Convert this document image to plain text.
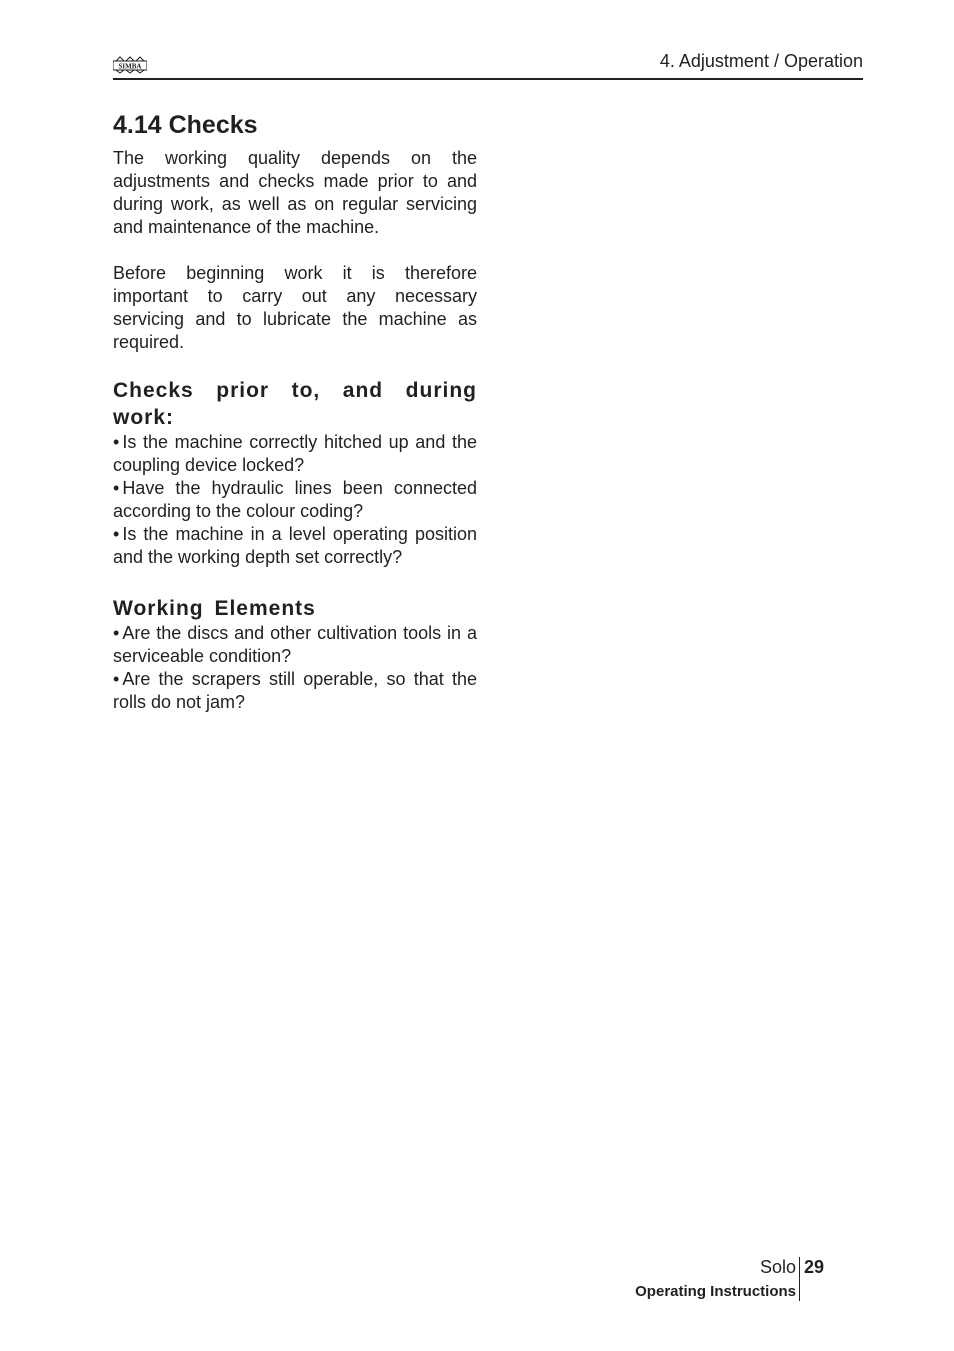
SIMBA	4. Adjustment / Operation
4.14 Checks

The working quality depends on the adjustments and checks made prior to and during work, as well as on regular servicing and maintenance of the machine.

Before beginning work it is therefore important to carry out any necessary servicing and to lubricate the machine as required.

Checks prior to, and during work:
• Is the machine correctly hitched up and the coupling device locked?
• Have the hydraulic lines been connected according to the colour coding?
• Is the machine in a level operating position and the working depth set correctly?
Working Elements
• Are the discs and other cultivation tools in a serviceable condition?
• Are the scrapers still operable, so that the rolls do not jam?
Solo 29
Operating Instructions
